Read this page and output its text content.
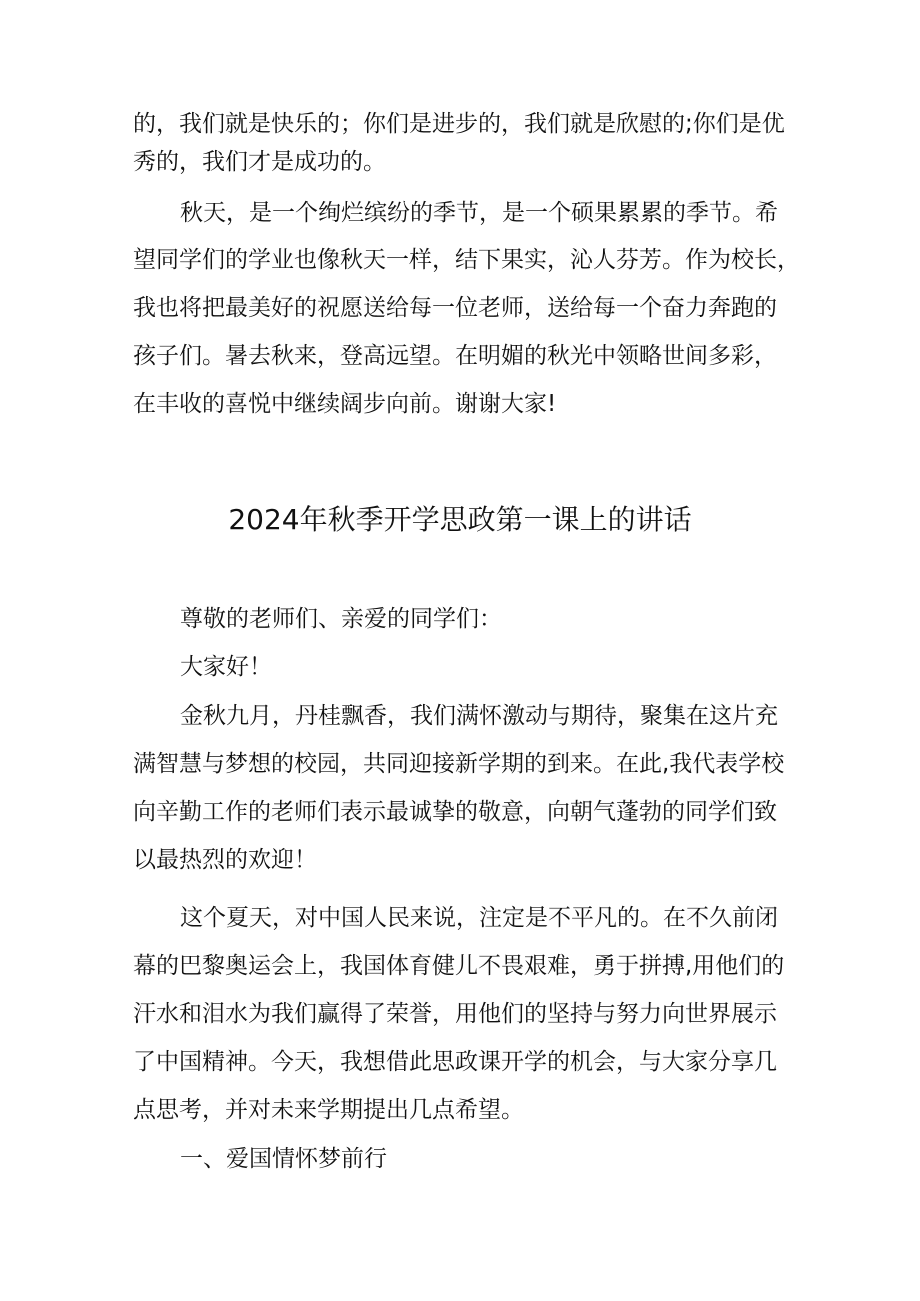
的，我们就是快乐的；你们是进步的，我们就是欣慰的;你们是优

秀的，我们才是成功的。

秋天，是一个绚烂缤纷的季节，是一个硕果累累的季节。希

望同学们的学业也像秋天一样，结下果实，沁人芬芳。作为校长，

我也将把最美好的祝愿送给每一位老师，送给每一个奋力奔跑的

孩子们。暑去秋来，登高远望。在明媚的秋光中领略世间多彩，

在丰收的喜悦中继续阔步向前。谢谢大家!

2024年秋季开学思政第一课上的讲话

尊敬的老师们、亲爱的同学们：

大家好！

金秋九月，丹桂飘香，我们满怀激动与期待，聚集在这片充

满智慧与梦想的校园，共同迎接新学期的到来。在此,我代表学校

向辛勤工作的老师们表示最诚挚的敬意，向朝气蓬勃的同学们致

以最热烈的欢迎！

这个夏天，对中国人民来说，注定是不平凡的。在不久前闭

幕的巴黎奥运会上，我国体育健儿不畏艰难，勇于拼搏,用他们的

汗水和泪水为我们赢得了荣誉，用他们的坚持与努力向世界展示

了中国精神。今天，我想借此思政课开学的机会，与大家分享几

点思考，并对未来学期提出几点希望。

一、爱国情怀梦前行
